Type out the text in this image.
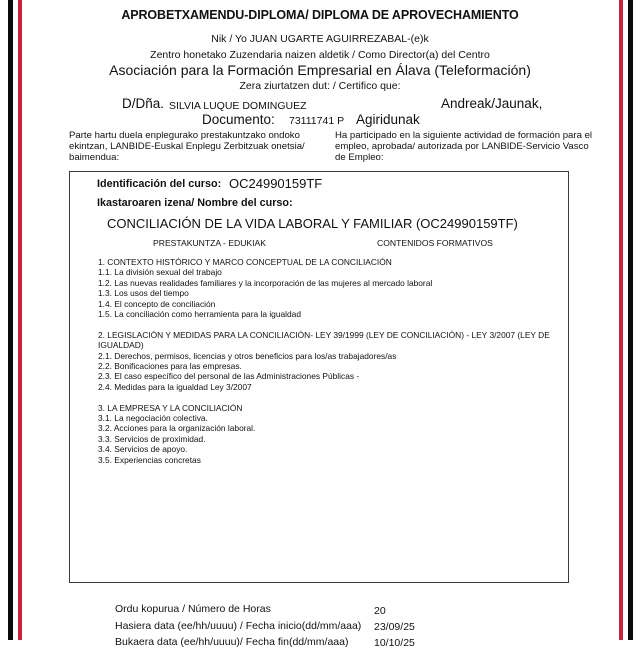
APROBETXAMENDU-DIPLOMA/ DIPLOMA DE APROVECHAMIENTO
Nik / Yo JUAN UGARTE AGUIRREZABAL-(e)k
Zentro honetako Zuzendaria naizen aldetik / Como Director(a) del Centro
Asociación para la Formación Empresarial en Álava (Teleformación)
Zera ziurtatzen dut: / Certifico que:
D/Dña. SILVIA LUQUE DOMINGUEZ	Andreak/Jaunak,
Documento: 73111741 P Agiridunak
Parte hartu duela enplegurako prestakuntzako ondoko ekintzan, LANBIDE-Euskal Enplegu Zerbitzuak onetsia/ baimendua:
Ha participado en la siguiente actividad de formación para el empleo, aprobada/ autorizada por LANBIDE-Servicio Vasco de Empleo:
Identificación del curso: OC24990159TF
Ikastaroaren izena/ Nombre del curso:
CONCILIACIÓN DE LA VIDA LABORAL Y FAMILIAR (OC24990159TF)
PRESTAKUNTZA - EDUKIAK	CONTENIDOS FORMATIVOS
1. CONTEXTO HISTÓRICO Y MARCO CONCEPTUAL DE LA CONCILIACIÓN
1.1. La división sexual del trabajo
1.2. Las nuevas realidades familiares y la incorporación de las mujeres al mercado laboral
1.3. Los usos del tiempo
1.4. El concepto de conciliación
1.5. La conciliación como herramienta para la igualdad
2. LEGISLACIÓN Y MEDIDAS PARA LA CONCILIACIÓN- LEY 39/1999 (LEY DE CONCILIACIÓN) - LEY 3/2007 (LEY DE IGUALDAD)
2.1. Derechos, permisos, licencias y otros beneficios para los/as trabajadores/as
2.2. Bonificaciones para las empresas.
2.3. El caso específico del personal de las Administraciones Públicas -
2.4. Medidas para la igualdad Ley 3/2007
3. LA EMPRESA Y LA CONCILIACIÓN
3.1. La negociación colectiva.
3.2. Acciones para la organización laboral.
3.3. Servicios de proximidad.
3.4. Servicios de apoyo.
3.5. Experiencias concretas
Ordu kopurua / Número de Horas	20
Hasiera data (ee/hh/uuuu) / Fecha inicio(dd/mm/aaa) 23/09/25
Bukaera data (ee/hh/uuuu)/ Fecha fin(dd/mm/aaa) 10/10/25
